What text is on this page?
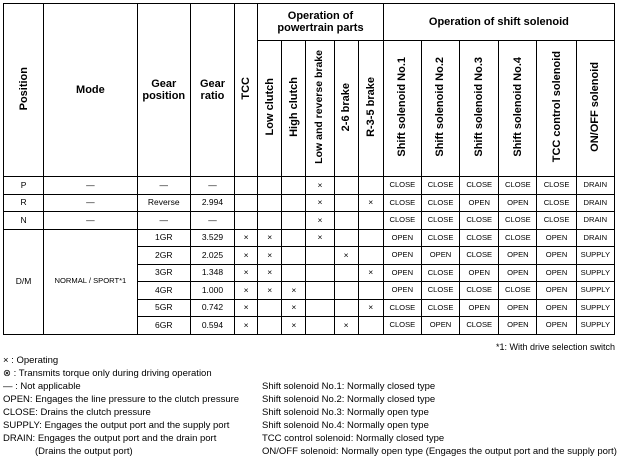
Position	Mode	Gear position	Gear ratio	TCC	Operation of powertrain parts					Operation of shift solenoid					
					Low clutch	High clutch	Low and reverse brake	2-6 brake	R-3-5 brake	Shift solenoid No.1	Shift solenoid No.2	Shift solenoid No.3	Shift solenoid No.4	TCC control solenoid	ON/OFF solenoid
P	—	—	—				×			CLOSE	CLOSE	CLOSE	CLOSE	CLOSE	DRAIN
R	—	Reverse	2.994				×		×	CLOSE	CLOSE	OPEN	OPEN	CLOSE	DRAIN
N	—	—	—				×			CLOSE	CLOSE	CLOSE	CLOSE	CLOSE	DRAIN
D/M	NORMAL / SPORT*1	1GR	3.529	×	×		×			OPEN	CLOSE	CLOSE	CLOSE	OPEN	DRAIN
		2GR	2.025	×	×			×		OPEN	OPEN	CLOSE	OPEN	OPEN	SUPPLY
		3GR	1.348	×	×				×	OPEN	CLOSE	OPEN	OPEN	OPEN	SUPPLY
		4GR	1.000	×	×	×				OPEN	CLOSE	CLOSE	CLOSE	OPEN	SUPPLY
		5GR	0.742	×		×			×	CLOSE	CLOSE	OPEN	OPEN	OPEN	SUPPLY
		6GR	0.594	×		×		×		CLOSE	OPEN	CLOSE	OPEN	OPEN	SUPPLY
*1: With drive selection switch
× : Operating
⊗ : Transmits torque only during driving operation
— : Not applicable
OPEN: Engages the line pressure to the clutch pressure
CLOSE: Drains the clutch pressure
SUPPLY: Engages the output port and the supply port
DRAIN: Engages the output port and the drain port
(Drains the output port)
Shift solenoid No.1: Normally closed type
Shift solenoid No.2: Normally closed type
Shift solenoid No.3: Normally open type
Shift solenoid No.4: Normally open type
TCC control solenoid: Normally closed type
ON/OFF solenoid: Normally open type (Engages the output port and the supply port)
